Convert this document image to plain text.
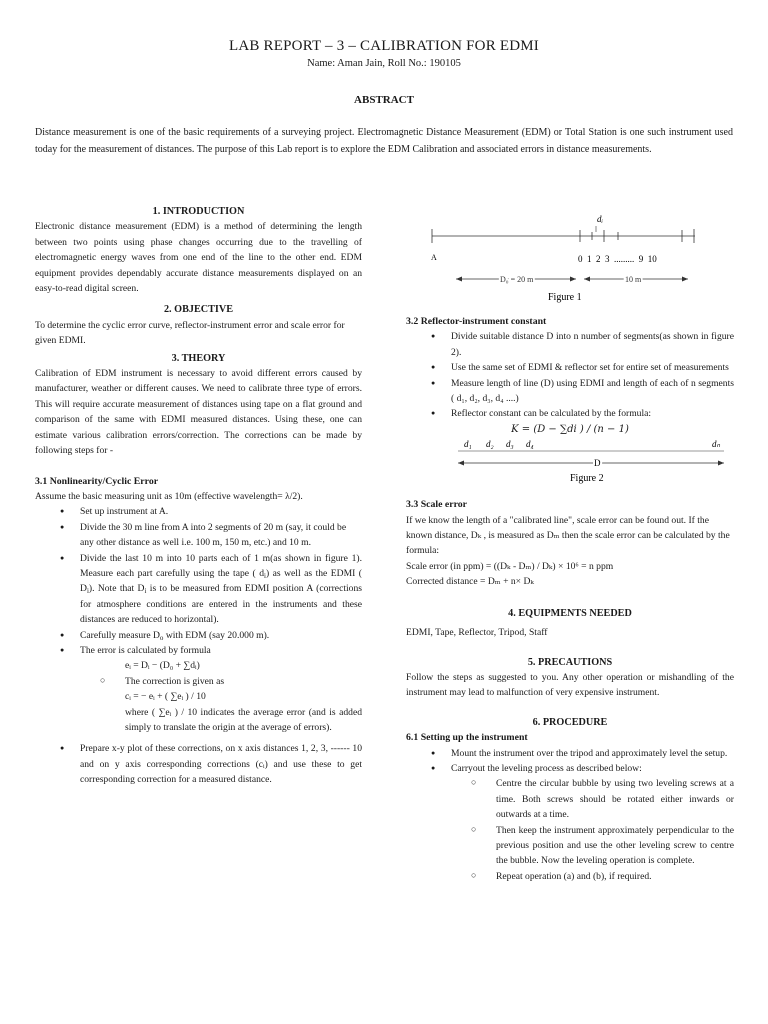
LAB REPORT – 3 – CALIBRATION FOR EDMI
Name: Aman Jain, Roll No.: 190105
ABSTRACT
Distance measurement is one of the basic requirements of a surveying project. Electromagnetic Distance Measurement (EDM) or Total Station is one such instrument used today for the measurement of distances. The purpose of this Lab report is to explore the EDM Calibration and associated errors in distance measurements.

1. INTRODUCTION

Electronic distance measurement (EDM) is a method of determining the length between two points using phase changes occurring due to the travelling of electromagnetic energy waves from one end of the line to the other end. EDM equipment provides dependably accurate distance measurements displayed on an easy-to-read digital screen.

2. OBJECTIVE

To determine the cyclic error curve, reflector-instrument error and scale error for given EDMI.

3. THEORY

Calibration of EDM instrument is necessary to avoid different errors caused by manufacturer, weather or different causes. We need to calibrate three type of errors. This will require accurate measurement of distances using tape on a flat ground and comparison of the same with EDMI measured distances. Using these, one can estimate various calibration errors/correction. The corrections can be made by following steps for -

3.1 Nonlinearity/Cyclic Error

Assume the basic measuring unit as 10m (effective wavelength= λ/2).

● Set up instrument at A.

● Divide the 30 m line from A into 2 segments of 20 m (say, it could be any other distance as well i.e. 100 m, 150 m, etc.) and 10 m.

● Divide the last 10 m into 10 parts each of 1 m(as shown in figure 1). Measure each part carefully using the tape ( $d_i$) as well as the EDMI ( $D_i$). Note that $D_i$ is to be measured from EDMI position A (corrections for atmosphere conditions are entered in the instruments and these distances are reduced to horizontal).

● Carefully measure $D_o$ with EDM (say 20.000 m).

● The error is calculated by formula

eᵢ = Dᵢ − (D₀ + ∑dᵢ)

○ The correction is given as

cᵢ = − eᵢ + ( ∑eᵢ ) / 10

where ( ∑eᵢ ) / 10 indicates the average error (and is added simply to translate the origin at the average of errors).

● Prepare x-y plot of these corrections, on x axis distances 1, 2, 3, ------ 10 and on y axis corresponding corrections (cᵢ) and use these to get corresponding correction for a measured distance.

dᵢ
A	0  1  2  3  .........  9  10
D₀ = 20 m	10 m
Figure 1

3.2 Reflector-instrument constant

● Divide suitable distance D into n number of segments(as shown in figure 2).

● Use the same set of EDMI & reflector set for entire set of measurements

● Measure length of line (D) using EDMI and length of each of n segments ( d₁, d₂, d₃, d₄ ....)

● Reflector constant can be calculated by the formula:

K = (D − ∑di ) / (n − 1)

d₁ d₂ d₃ d₄	dₙ
D
Figure 2

3.3 Scale error

If we know the length of a "calibrated line", scale error can be found out. If the known distance, Dₖ , is measured as Dₘ then the scale error can be calculated by the formula:

Scale error (in ppm) = ((Dₖ - Dₘ) / Dₖ) × 10⁶ = n ppm

Corrected distance = Dₘ + n× Dₖ

4. EQUIPMENTS NEEDED

EDMI, Tape, Reflector, Tripod, Staff

5. PRECAUTIONS

Follow the steps as suggested to you. Any other operation or mishandling of the instrument may lead to malfunction of very expensive instrument.

6. PROCEDURE

6.1 Setting up the instrument

● Mount the instrument over the tripod and approximately level the setup.

● Carryout the leveling process as described below:

○ Centre the circular bubble by using two leveling screws at a time. Both screws should be rotated either inwards or outwards at a time.

○ Then keep the instrument approximately perpendicular to the previous position and use the other leveling screw to centre the bubble. Now the leveling operation is complete.

○ Repeat operation (a) and (b), if required.
